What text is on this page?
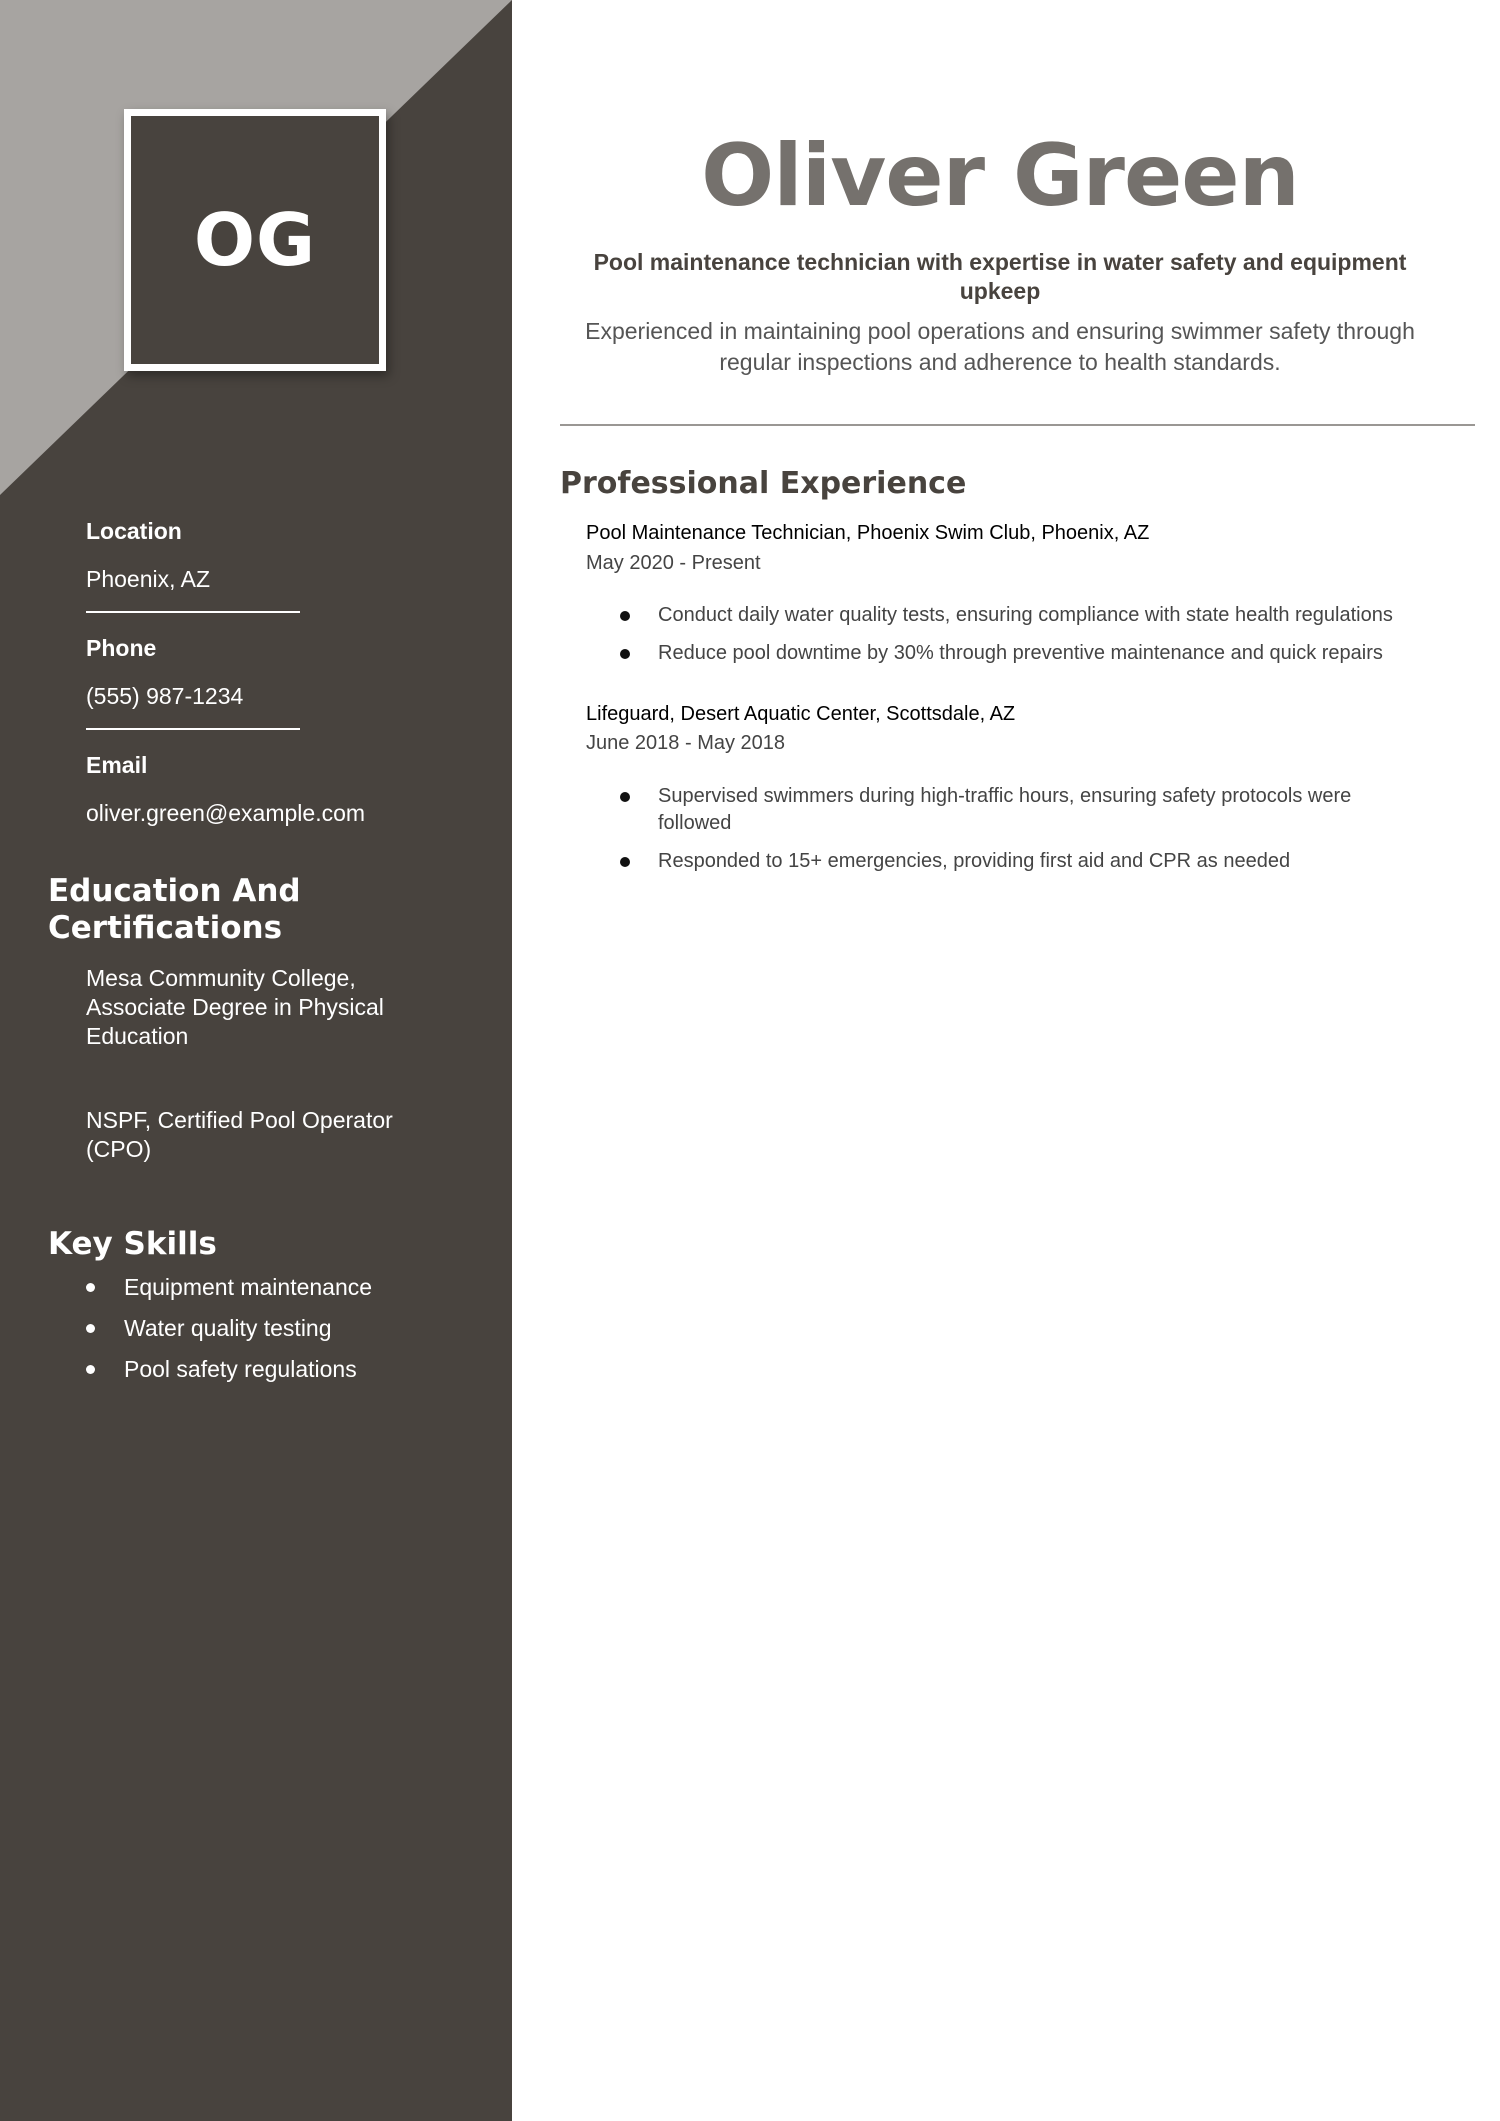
OG
Location
Phoenix, AZ
Phone
(555) 987-1234
Email
oliver.green@example.com
Education And
Certifications
Mesa Community College, Associate Degree in Physical Education
NSPF, Certified Pool Operator (CPO)
Key Skills
Equipment maintenance
Water quality testing
Pool safety regulations
Oliver Green
Pool maintenance technician with expertise in water safety and equipment upkeep
Experienced in maintaining pool operations and ensuring swimmer safety through regular inspections and adherence to health standards.
Professional Experience
Pool Maintenance Technician, Phoenix Swim Club, Phoenix, AZ
May 2020 - Present
Conduct daily water quality tests, ensuring compliance with state health regulations
Reduce pool downtime by 30% through preventive maintenance and quick repairs
Lifeguard, Desert Aquatic Center, Scottsdale, AZ
June 2018 - May 2018
Supervised swimmers during high-traffic hours, ensuring safety protocols were followed
Responded to 15+ emergencies, providing first aid and CPR as needed
